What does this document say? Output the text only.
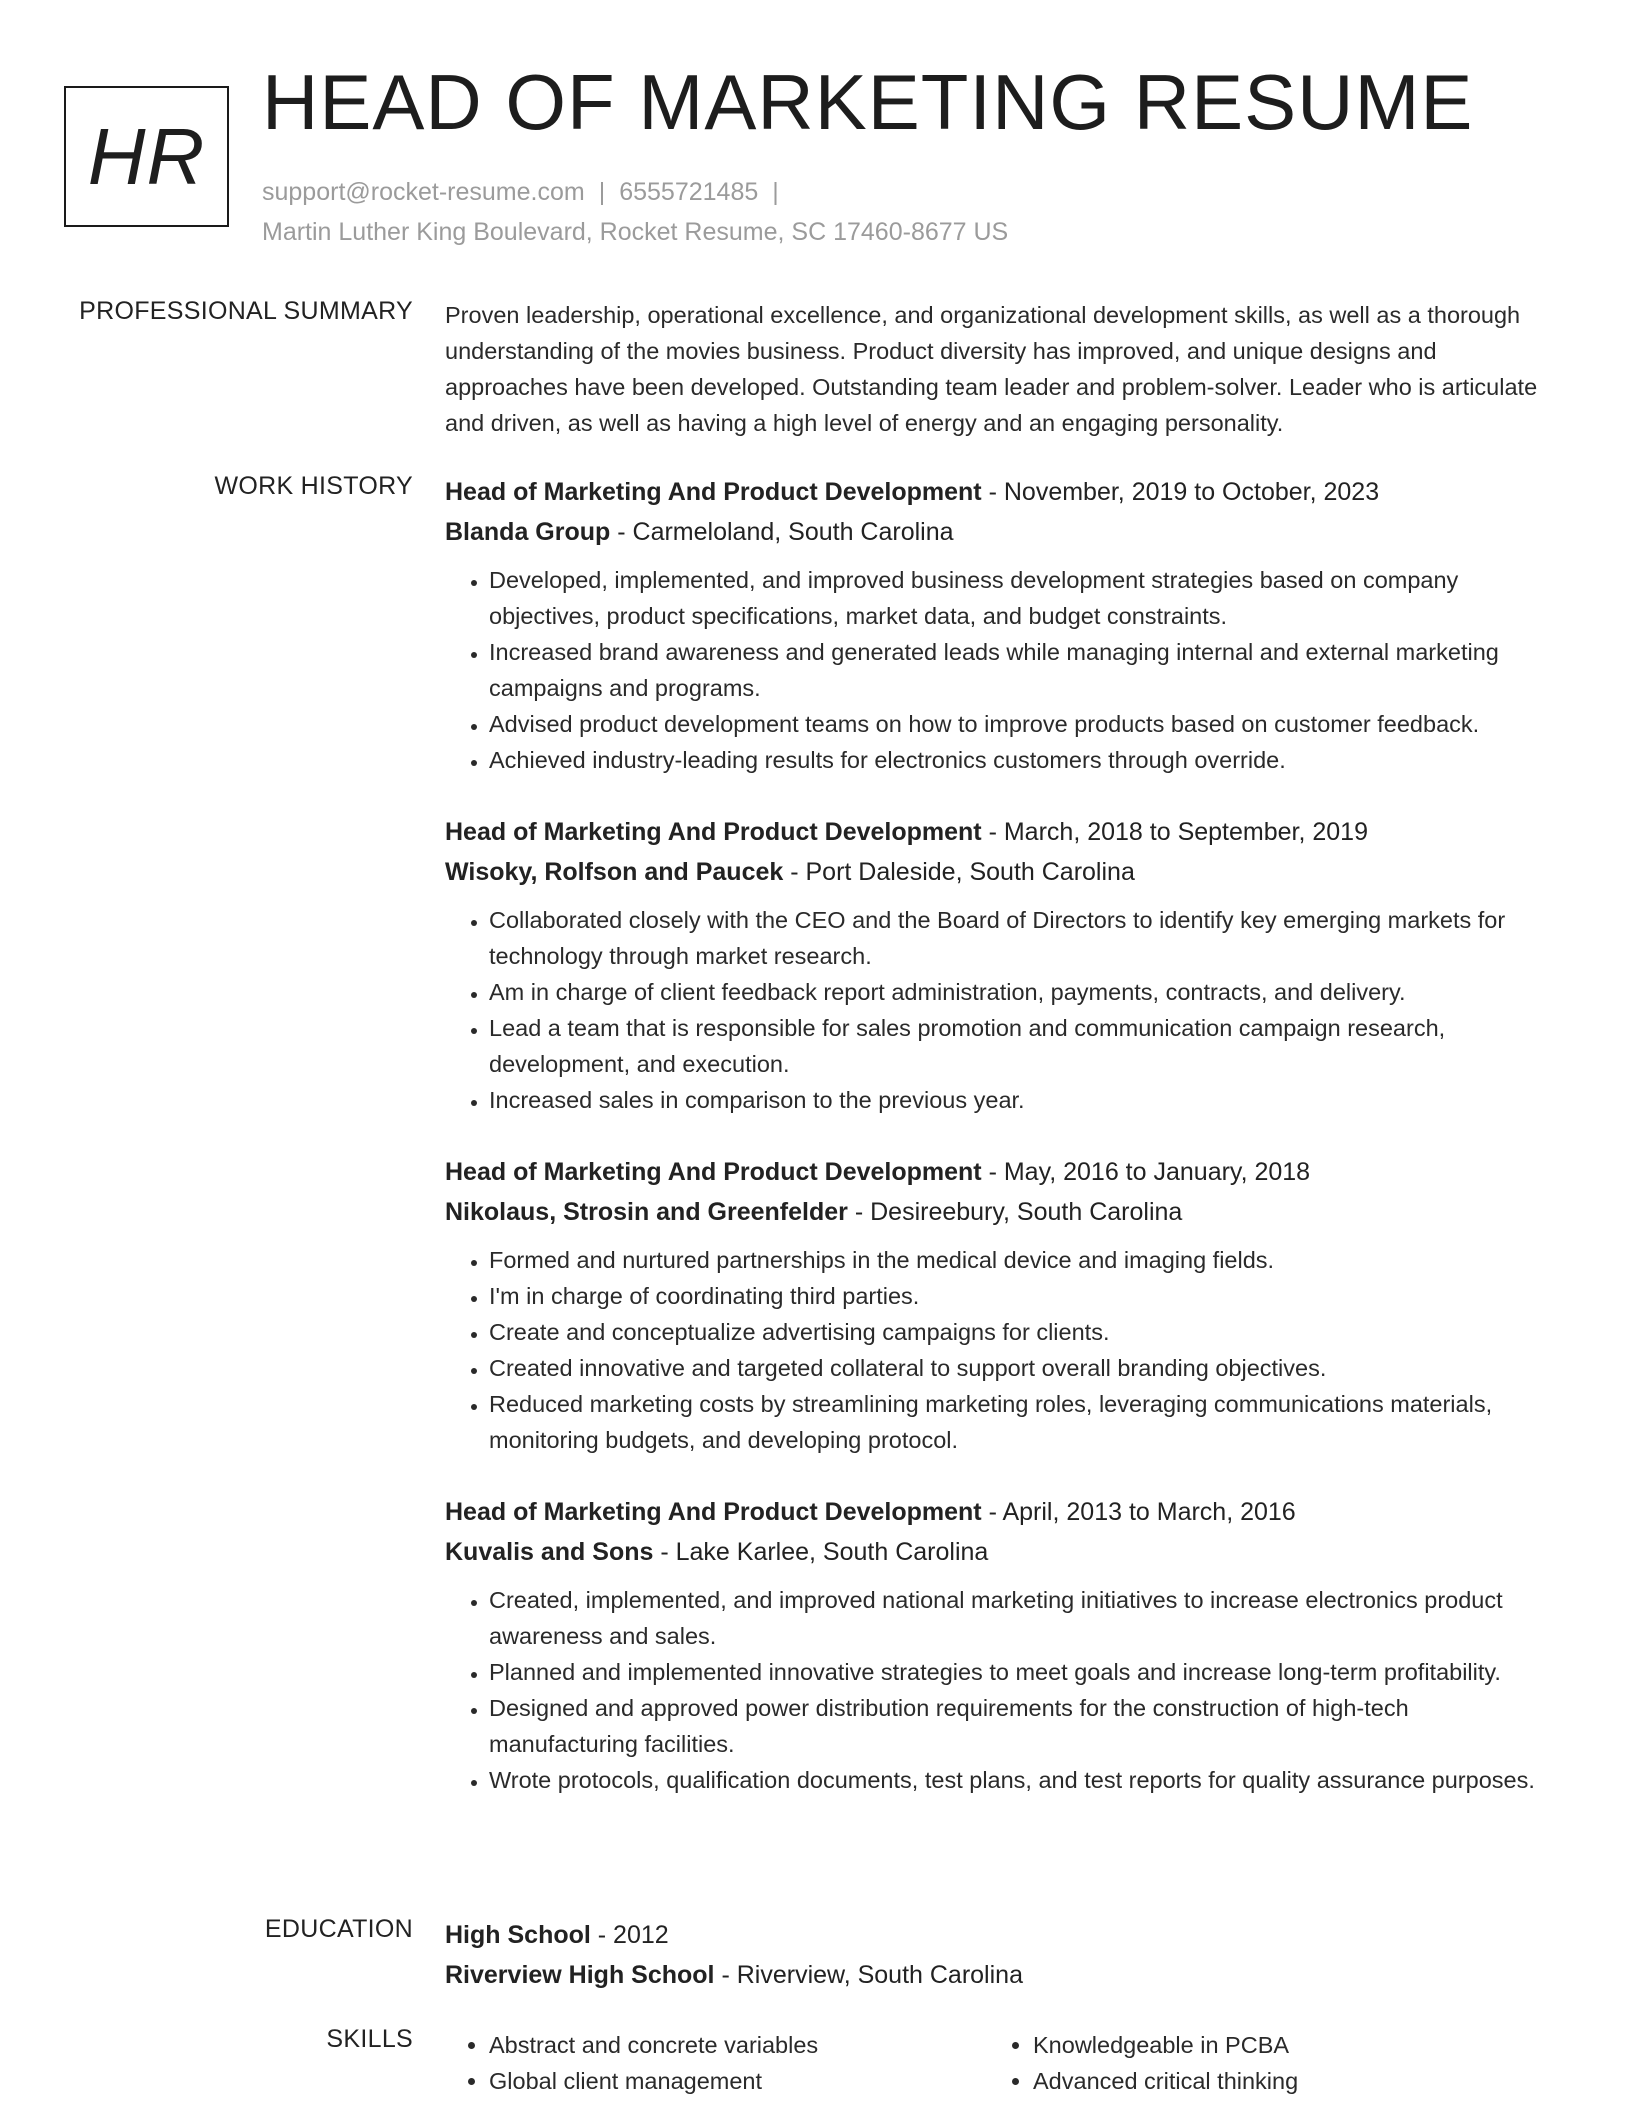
HR
HEAD OF MARKETING RESUME
support@rocket-resume.com | 6555721485 |
Martin Luther King Boulevard, Rocket Resume, SC 17460-8677 US
PROFESSIONAL SUMMARY Proven leadership, operational excellence, and organizational development skills, as well as a thorough understanding of the movies business. Product diversity has improved, and unique designs and approaches have been developed. Outstanding team leader and problem-solver. Leader who is articulate and driven, as well as having a high level of energy and an engaging personality.

WORK HISTORY Head of Marketing And Product Development - November, 2019 to October, 2023
Blanda Group - Carmeloland, South Carolina
• Developed, implemented, and improved business development strategies based on company objectives, product specifications, market data, and budget constraints.
• Increased brand awareness and generated leads while managing internal and external marketing campaigns and programs.
• Advised product development teams on how to improve products based on customer feedback.
• Achieved industry-leading results for electronics customers through override.
Head of Marketing And Product Development - March, 2018 to September, 2019
Wisoky, Rolfson and Paucek - Port Daleside, South Carolina
• Collaborated closely with the CEO and the Board of Directors to identify key emerging markets for technology through market research.
• Am in charge of client feedback report administration, payments, contracts, and delivery.
• Lead a team that is responsible for sales promotion and communication campaign research, development, and execution.
• Increased sales in comparison to the previous year.
Head of Marketing And Product Development - May, 2016 to January, 2018
Nikolaus, Strosin and Greenfelder - Desireebury, South Carolina
• Formed and nurtured partnerships in the medical device and imaging fields.
• I'm in charge of coordinating third parties.
• Create and conceptualize advertising campaigns for clients.
• Created innovative and targeted collateral to support overall branding objectives.
• Reduced marketing costs by streamlining marketing roles, leveraging communications materials, monitoring budgets, and developing protocol.
Head of Marketing And Product Development - April, 2013 to March, 2016
Kuvalis and Sons - Lake Karlee, South Carolina
• Created, implemented, and improved national marketing initiatives to increase electronics product awareness and sales.
• Planned and implemented innovative strategies to meet goals and increase long-term profitability.
• Designed and approved power distribution requirements for the construction of high-tech manufacturing facilities.
• Wrote protocols, qualification documents, test plans, and test reports for quality assurance purposes.
EDUCATION High School - 2012
Riverview High School - Riverview, South Carolina
SKILLS
•	Abstract and concrete variables
• Global client management
• Knowledgeable in PCBA
• Advanced critical thinking
